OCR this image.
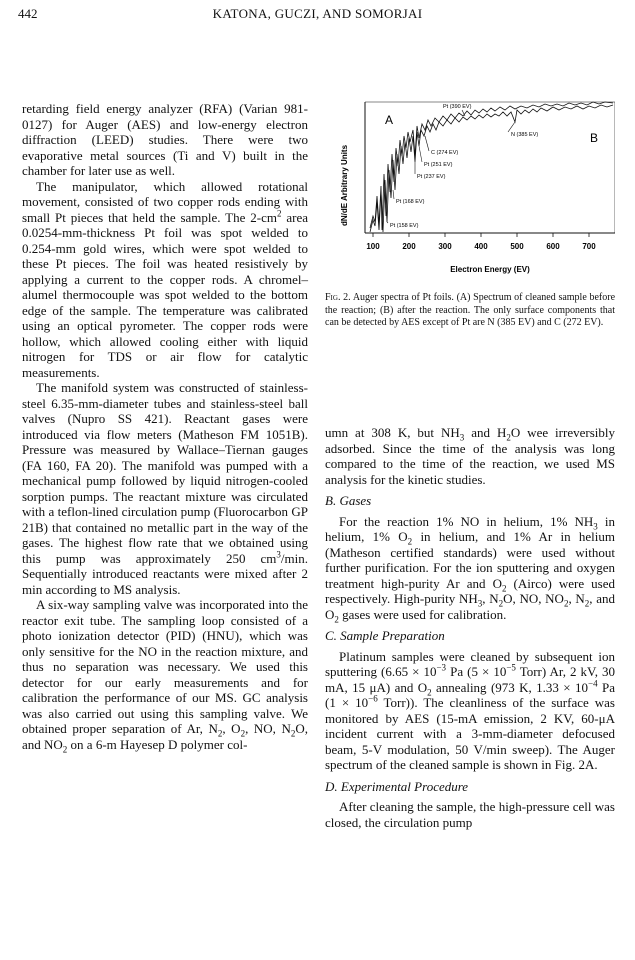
442	KATONA, GUCZI, AND SOMORJAI

retarding field energy analyzer (RFA) (Varian 981-0127) for Auger (AES) and low-energy electron diffraction (LEED) studies. There were two evaporative metal sources (Ti and V) built in the chamber for later use as well.

The manipulator, which allowed rotational movement, consisted of two copper rods ending with small Pt pieces that held the sample. The $2-cm^2$ area 0.0254-mm-thickness Pt foil was spot welded to 0.254-mm gold wires, which were spot welded to these Pt pieces. The foil was heated resistively by applying a current to the copper rods. A chromel–alumel thermocouple was spot welded to the bottom edge of the sample. The temperature was calibrated using an optical pyrometer. The copper rods were hollow, which allowed cooling either with liquid nitrogen for TDS or air flow for catalytic measurements.

The manifold system was constructed of stainless-steel 6.35-mm-diameter tubes and stainless-steel ball valves (Nupro SS 421). Reactant gases were introduced via flow meters (Matheson FM 1051B). Pressure was measured by Wallace–Tiernan gauges (FA 160, FA 20). The manifold was pumped with a mechanical pump followed by liquid nitrogen-cooled sorption pumps. The reactant mixture was circulated with a teflon-lined circulation pump (Fluorocarbon GP 21B) that contained no metallic part in the way of the gases. The highest flow rate that we obtained using this pump was approximately 250 $cm^3/\min$. Sequentially introduced reactants were mixed after 2 min according to MS analysis.

A six-way sampling valve was incorporated into the reactor exit tube. The sampling loop consisted of a photo ionization detector (PID) (HNU), which was only sensitive for the NO in the reaction mixture, and thus no separation was necessary. We used this detector for our early measurements and for calibration the performance of our MS. GC analysis was also carried out using this sampling valve. We obtained proper separation of Ar, $N_2$, $O_2$, NO, $N_2O$, and $NO_2$ on a 6-m Hayesep D polymer col-

100	200	300	400	500	600	700
dN/dE Arbitrary Units
Electron Energy (EV)
A
B
Pt (390 EV)
N (385 EV)
C (274 EV)
Pt (251 EV)
Pt (237 EV)
Pt (168 EV)
Pt (158 EV)
Fig. 2. Auger spectra of Pt foils. (A) Spectrum of cleaned sample before the reaction; (B) after the reaction. The only surface components that can be detected by AES except of Pt are N (385 EV) and C (272 EV).

umn at 308 K, but $NH_3$ and $H_2O$ wee irreversibly adsorbed. Since the time of the analysis was long compared to the time of the reaction, we used MS analysis for the kinetic studies.

B. Gases

For the reaction 1% NO in helium, 1% $NH_3$ in helium, 1% $O_2$ in helium, and 1% Ar in helium (Matheson certified standards) were used without further purification. For the ion sputtering and oxygen treatment high-purity Ar and $O_2$ (Airco) were used respectively. High-purity $NH_3$, $N_2O$, NO, $NO_2$, $N_2$, and $O_2$ gases were used for calibration.

C. Sample Preparation

Platinum samples were cleaned by subsequent ion sputtering ($6.65 \times 10^{-3}$ Pa ($5 \times 10^{-5}$ Torr) Ar, 2 kV, 30 mA, 15 μA) and $O_2$ annealing (973 K, $1.33 \times 10^{-4}$ Pa ($1 \times 10^{-6}$ Torr)). The cleanliness of the surface was monitored by AES (15-mA emission, 2 KV, 60-μA incident current with a 3-mm-diameter defocused beam, 5-V modulation, 50 V/min sweep). The Auger spectrum of the cleaned sample is shown in Fig. 2A.

D. Experimental Procedure

After cleaning the sample, the high-pressure cell was closed, the circulation pump
